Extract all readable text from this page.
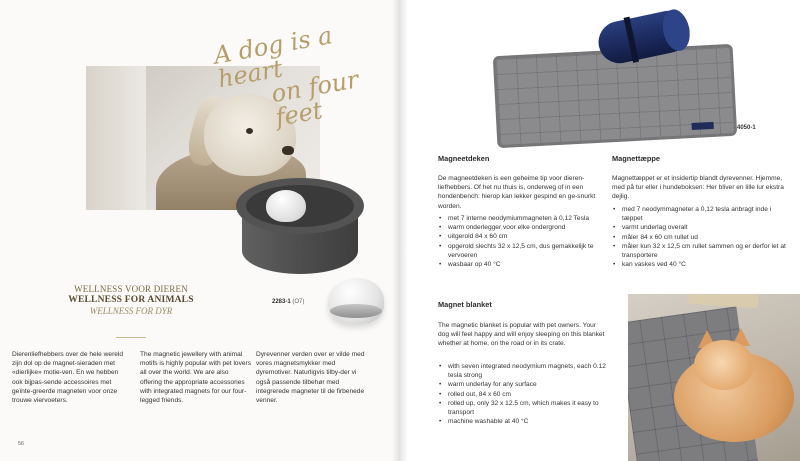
A dog is a heart
on four feet
2283-1 (O7)
WELLNESS VOOR DIEREN
WELLNESS FOR ANIMALS
WELLNESS FOR DYR
Dierenliefhebbers over de hele wereld zijn dol op de magnet-sieraden met «dierlijke» motie-ven. En we hebben ook bijpas-sende accessoires met geïnte-greerde magneten voor onze trouwe viervoeters.
The magnetic jewellery with animal motifs is highly popular with pet lovers all over the world. We are also offering the appropriate accessories with integrated magnets for our four-legged friends.
Dyrevenner verden over er vilde med vores magnetsmykker med dyremotiver. Naturligvis tilby-der vi også passende tilbehør med integrerede magneter til de firbenede venner.
56
4050-1
Magneetdeken
De magneetdeken is een geheime tip voor dieren-liefhebbers. Of het nu thuis is, onderweg of in een hondenbench: hierop kan lekker gespind en ge-snurkt worden.
• met 7 interne neodymiummagneten à 0,12 Tesla
• warm onderlegger voor elke ondergrond
• uitgerold 84 x 60 cm
• opgerold slechts 32 x 12,5 cm, dus gemakkelijk te vervoeren
• wasbaar op 40 °C
Magnettæppe
Magnettæppet er et insidertip blandt dyrevenner. Hjemme, med på tur eller i hundeboksen: Her bliver en lille lur ekstra dejlig.
• med 7 neodymmagneter a 0,12 tesla anbragt inde i tæppet
• varmt underlag overalt
• måler 84 x 60 cm rullet ud
• måler kun 32 x 12,5 cm rullet sammen og er derfor let at transportere
• kan vaskes ved 40 °C
Magnet blanket
The magnetic blanket is popular with pet owners. Your dog will feel happy and will enjoy sleeping on this blanket whether at home, on the road or in its crate.
• with seven integrated neodymium magnets, each 0.12 tesla strong
• warm underlay for any surface
• rolled out, 84 x 60 cm
• rolled up, only 32 x 12.5 cm, which makes it easy to transport
• machine washable at 40 °C
